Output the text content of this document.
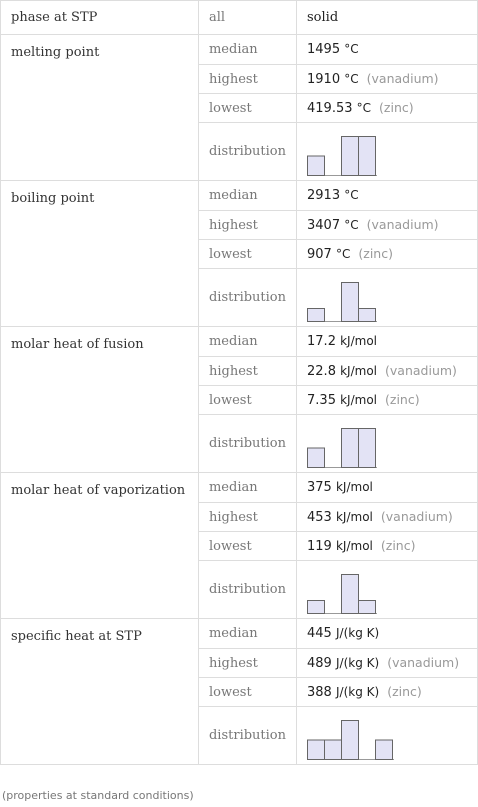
phase at STP	all	solid
melting point	median	1495 °C
	highest	1910 °C (vanadium)
	lowest	419.53 °C (zinc)
	distribution	

boiling point	median	2913 °C
	highest	3407 °C (vanadium)
	lowest	907 °C (zinc)
	distribution	

molar heat of fusion	median	17.2 kJ/mol
	highest	22.8 kJ/mol (vanadium)
	lowest	7.35 kJ/mol (zinc)
	distribution	

molar heat of vaporization	median	375 kJ/mol
	highest	453 kJ/mol (vanadium)
	lowest	119 kJ/mol (zinc)
	distribution	

specific heat at STP	median	445 J/(kg K)
	highest	489 J/(kg K) (vanadium)
	lowest	388 J/(kg K) (zinc)
	distribution	
(properties at standard conditions)
